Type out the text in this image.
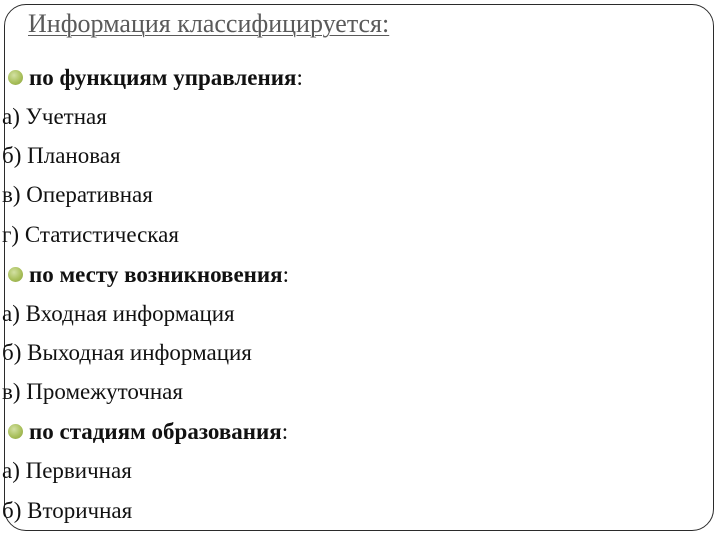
Информация классифицируется:
по функциям управления :
а) Учетная
б) Плановая
в) Оперативная
г) Статистическая
по месту возникновения :
а) Входная информация
б) Выходная информация
в) Промежуточная
по стадиям образования :
а) Первичная
б) Вторичная
